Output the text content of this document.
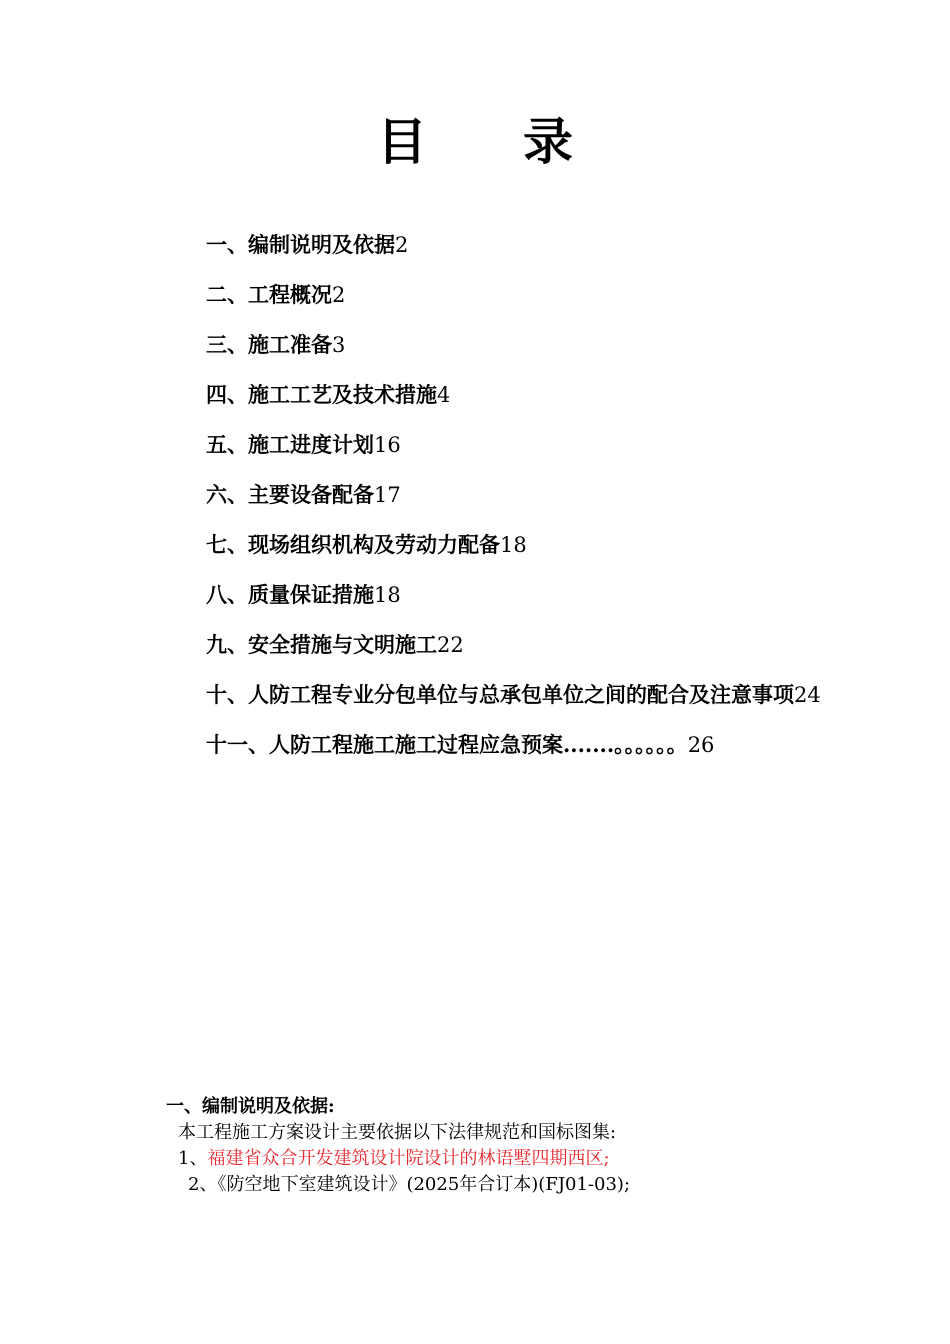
目 录
一、编制说明及依据2
二、工程概况2
三、施工准备3
四、施工工艺及技术措施4
五、施工进度计划16
六、主要设备配备17
七、现场组织机构及劳动力配备18
八、质量保证措施18
九、安全措施与文明施工22
十、人防工程专业分包单位与总承包单位之间的配合及注意事项24
十一、人防工程施工施工过程应急预案.......。。。。。。26
一、编制说明及依据:
本工程施工方案设计主要依据以下法律规范和国标图集:
1、福建省众合开发建筑设计院设计的林语墅四期西区;
2、《防空地下室建筑设计》(2025年合订本)(FJ01-03);
